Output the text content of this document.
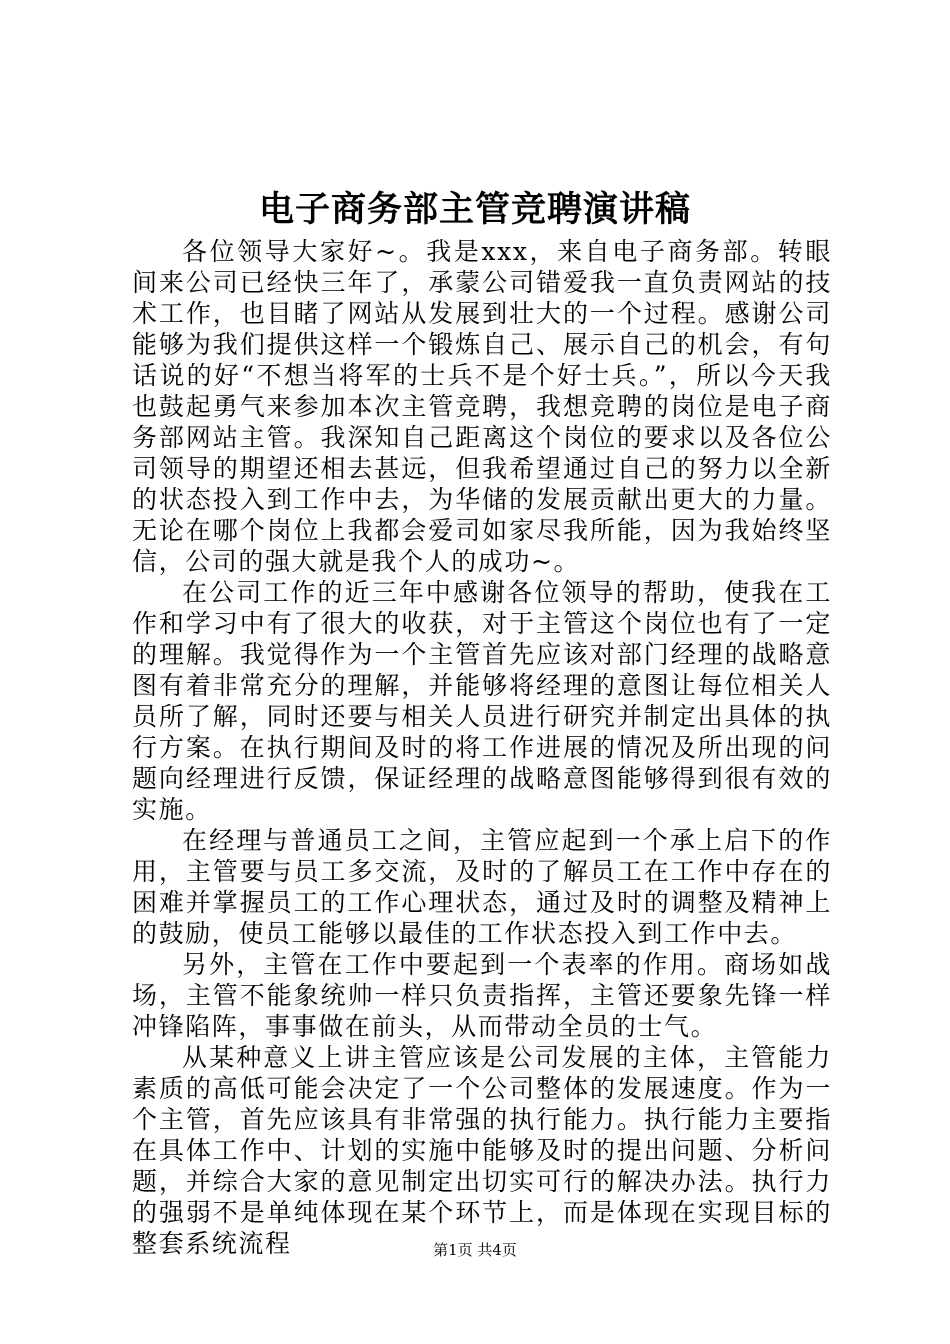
电子商务部主管竞聘演讲稿

各位领导大家好~。我是xxx，来自电子商务部。转眼间来公司已经快三年了，承蒙公司错爱我一直负责网站的技术工作，也目睹了网站从发展到壮大的一个过程。感谢公司能够为我们提供这样一个锻炼自己、展示自己的机会，有句话说的好“不想当将军的士兵不是个好士兵。”，所以今天我也鼓起勇气来参加本次主管竞聘，我想竞聘的岗位是电子商务部网站主管。我深知自己距离这个岗位的要求以及各位公司领导的期望还相去甚远，但我希望通过自己的努力以全新的状态投入到工作中去，为华储的发展贡献出更大的力量。无论在哪个岗位上我都会爱司如家尽我所能，因为我始终坚信，公司的强大就是我个人的成功~。

在公司工作的近三年中感谢各位领导的帮助，使我在工作和学习中有了很大的收获，对于主管这个岗位也有了一定的理解。我觉得作为一个主管首先应该对部门经理的战略意图有着非常充分的理解，并能够将经理的意图让每位相关人员所了解，同时还要与相关人员进行研究并制定出具体的执行方案。在执行期间及时的将工作进展的情况及所出现的问题向经理进行反馈，保证经理的战略意图能够得到很有效的实施。

在经理与普通员工之间，主管应起到一个承上启下的作用，主管要与员工多交流，及时的了解员工在工作中存在的困难并掌握员工的工作心理状态，通过及时的调整及精神上的鼓励，使员工能够以最佳的工作状态投入到工作中去。

另外，主管在工作中要起到一个表率的作用。商场如战场，主管不能象统帅一样只负责指挥，主管还要象先锋一样冲锋陷阵，事事做在前头，从而带动全员的士气。

从某种意义上讲主管应该是公司发展的主体，主管能力素质的高低可能会决定了一个公司整体的发展速度。作为一个主管，首先应该具有非常强的执行能力。执行能力主要指在具体工作中、计划的实施中能够及时的提出问题、分析问题，并综合大家的意见制定出切实可行的解决办法。执行力的强弱不是单纯体现在某个环节上，而是体现在实现目标的整套系统流程	第1页 共4页
